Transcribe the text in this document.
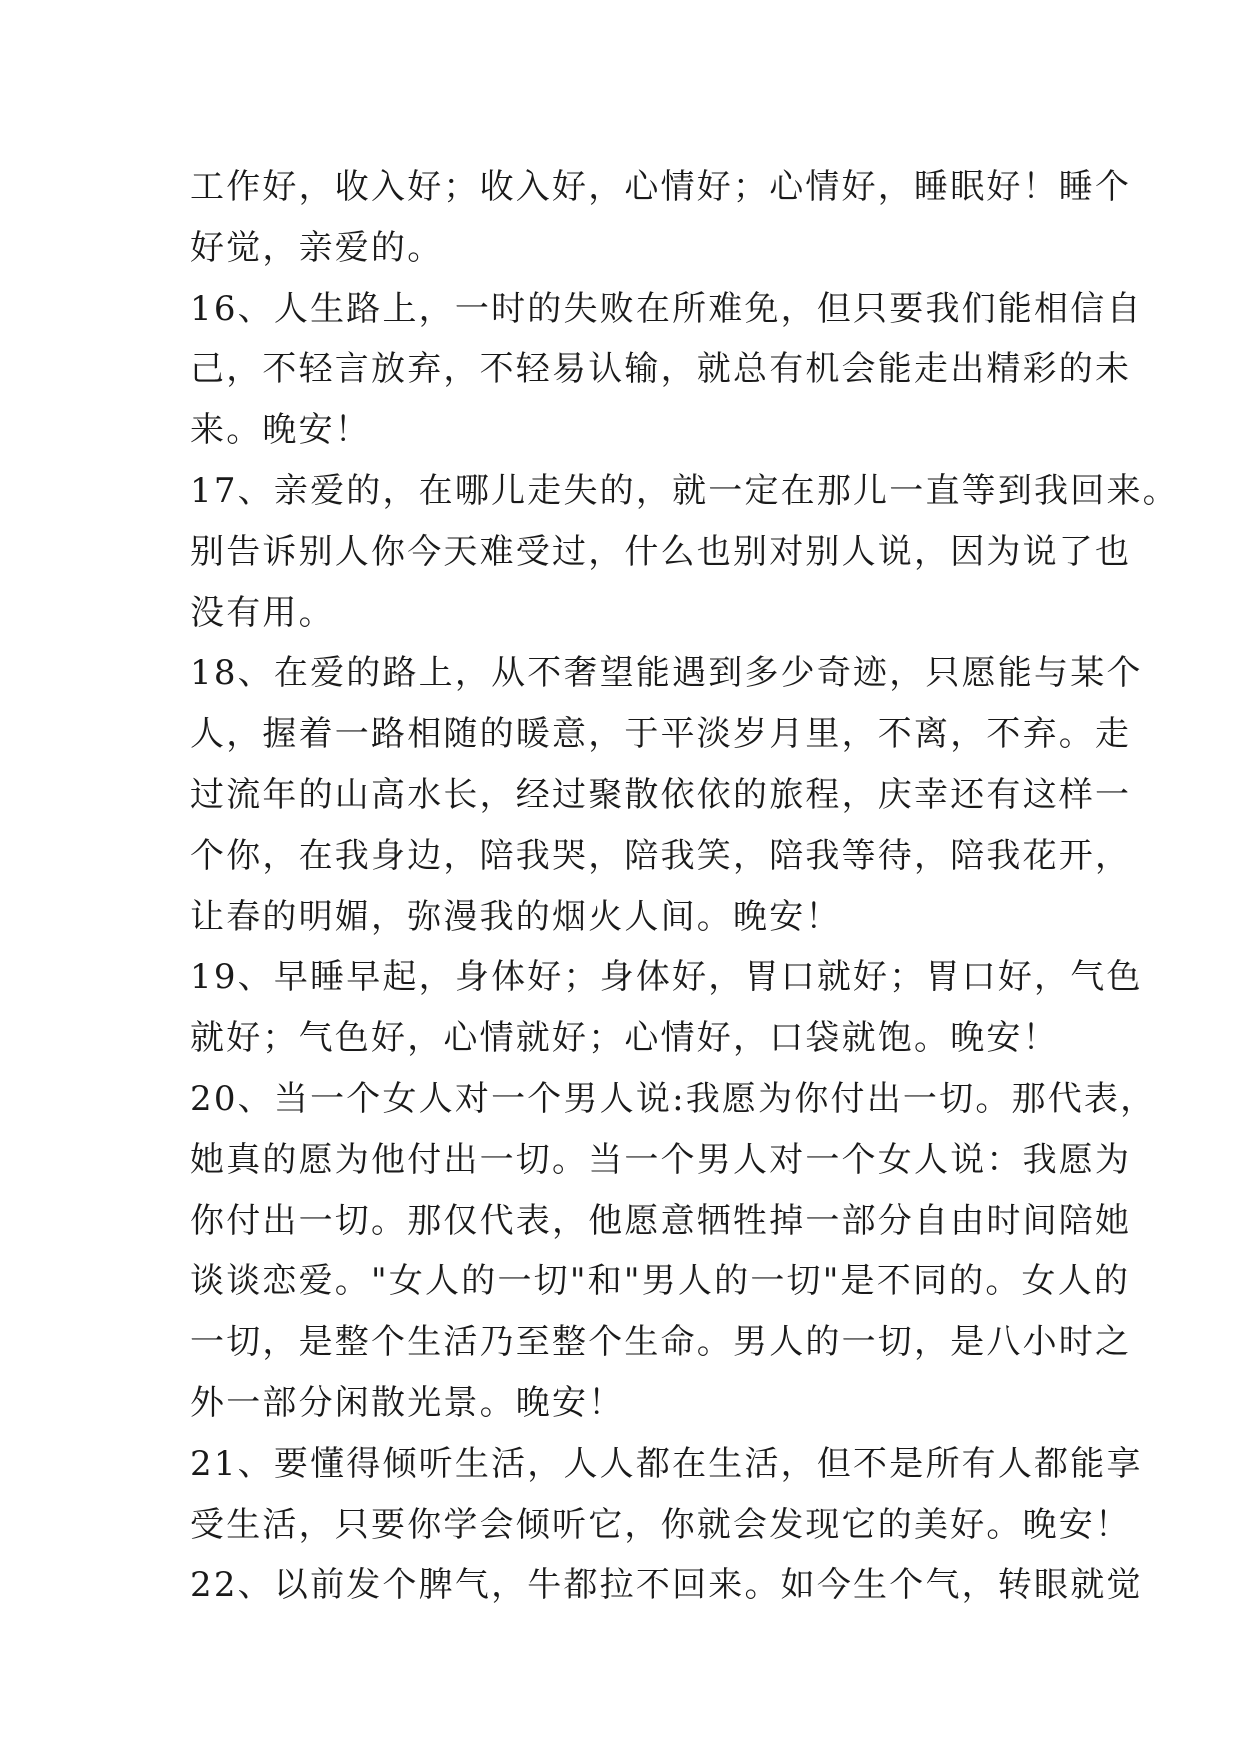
工作好，收入好；收入好，心情好；心情好，睡眠好！睡个
好觉，亲爱的。
16、人生路上，一时的失败在所难免，但只要我们能相信自
己，不轻言放弃，不轻易认输，就总有机会能走出精彩的未
来。晚安！
17、亲爱的，在哪儿走失的，就一定在那儿一直等到我回来。
别告诉别人你今天难受过，什么也别对别人说，因为说了也
没有用。
18、在爱的路上，从不奢望能遇到多少奇迹，只愿能与某个
人，握着一路相随的暖意，于平淡岁月里，不离，不弃。走
过流年的山高水长，经过聚散依依的旅程，庆幸还有这样一
个你，在我身边，陪我哭，陪我笑，陪我等待，陪我花开，
让春的明媚，弥漫我的烟火人间。晚安！
19、早睡早起，身体好；身体好，胃口就好；胃口好，气色
就好；气色好，心情就好；心情好，口袋就饱。晚安！
20、当一个女人对一个男人说:我愿为你付出一切。那代表，
她真的愿为他付出一切。当一个男人对一个女人说：我愿为
你付出一切。那仅代表，他愿意牺牲掉一部分自由时间陪她
谈谈恋爱。"女人的一切"和"男人的一切"是不同的。女人的
一切，是整个生活乃至整个生命。男人的一切，是八小时之
外一部分闲散光景。晚安！
21、要懂得倾听生活，人人都在生活，但不是所有人都能享
受生活，只要你学会倾听它，你就会发现它的美好。晚安！
22、以前发个脾气，牛都拉不回来。如今生个气，转眼就觉
